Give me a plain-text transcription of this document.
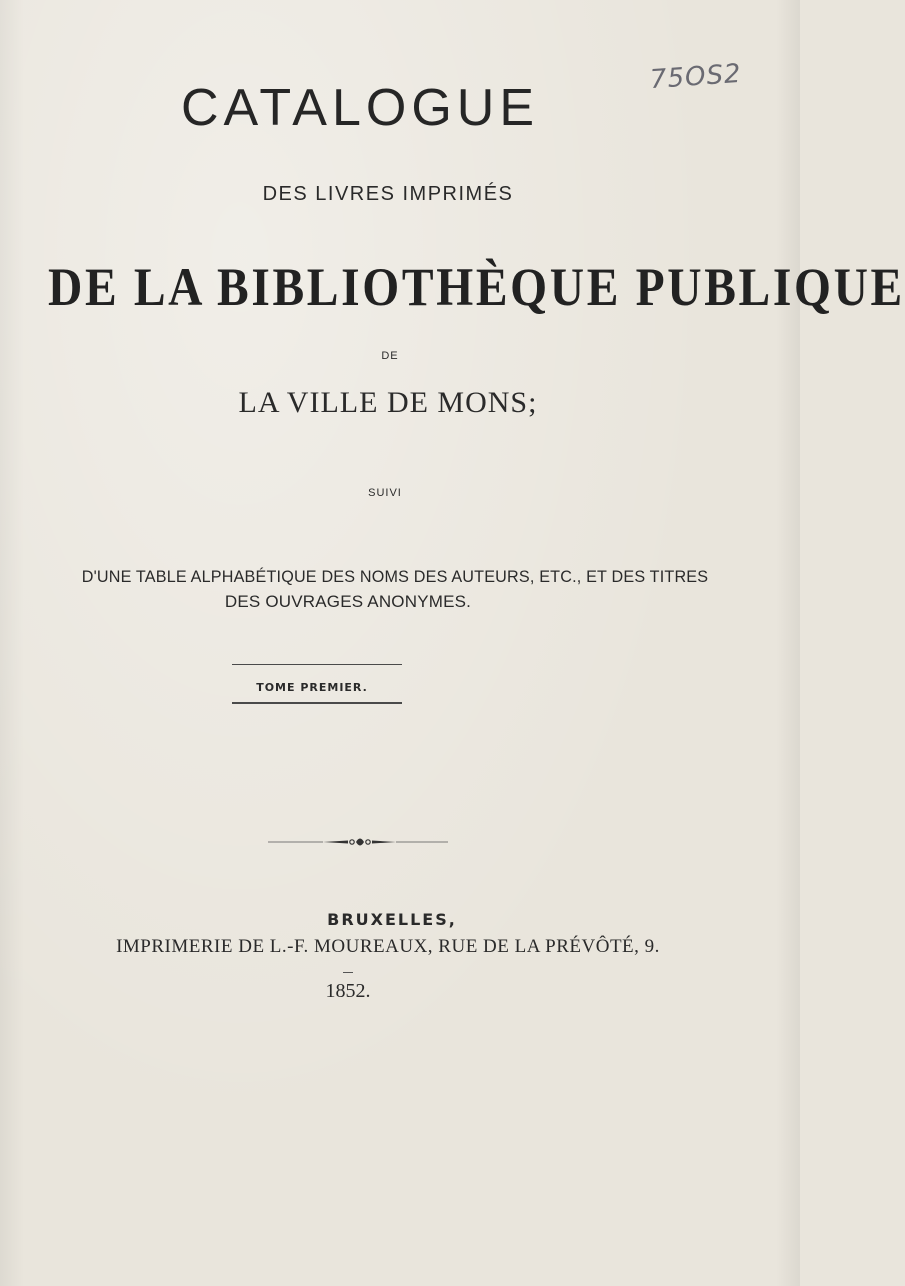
CATALOGUE
75OS2
DES LIVRES IMPRIMÉS
DE LA BIBLIOTHÈQUE PUBLIQUE
DE
LA VILLE DE MONS;
SUIVI
D'UNE TABLE ALPHABÉTIQUE DES NOMS DES AUTEURS, ETC., ET DES TITRES
DES OUVRAGES ANONYMES.
TOME PREMIER.
BRUXELLES,
IMPRIMERIE DE L.-F. MOUREAUX, RUE DE LA PRÉVÔTÉ, 9.
1852.
